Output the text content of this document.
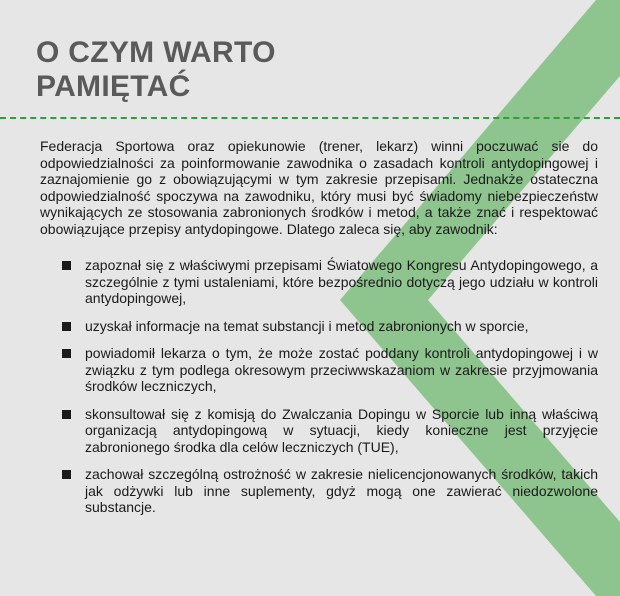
O CZYM WARTO
PAMIĘTAĆ

Federacja Sportowa oraz opiekunowie (trener, lekarz) winni poczuwać sie do odpowiedzialności za poinformowanie zawodnika o zasadach kontroli antydopingowej i zaznajomienie go z obowiązującymi w tym zakresie przepisami. Jednakże ostateczna odpowiedzialność spoczywa na zawodniku, który musi być świadomy niebezpieczeństw wynikających ze stosowania zabronionych środków i metod, a także znać i respektować obowiązujące przepisy antydopingowe. Dlatego zaleca się, aby zawodnik:

zapoznał się z właściwymi przepisami Światowego Kongresu Antydopingowego, a szczególnie z tymi ustaleniami, które bezpośrednio dotyczą jego udziału w kontroli antydopingowej,
uzyskał informacje na temat substancji i metod zabronionych w sporcie,
powiadomił lekarza o tym, że może zostać poddany kontroli antydopingowej i w związku z tym podlega okresowym przeciwwskazaniom w zakresie przyjmowania środków leczniczych,
skonsultował się z komisją do Zwalczania Dopingu w Sporcie lub inną właściwą organizacją antydopingową w sytuacji, kiedy konieczne jest przyjęcie zabronionego środka dla celów leczniczych (TUE),
zachował szczególną ostrożność w zakresie nielicencjonowanych środków, takich jak odżywki lub inne suplementy, gdyż mogą one zawierać niedozwolone substancje.
